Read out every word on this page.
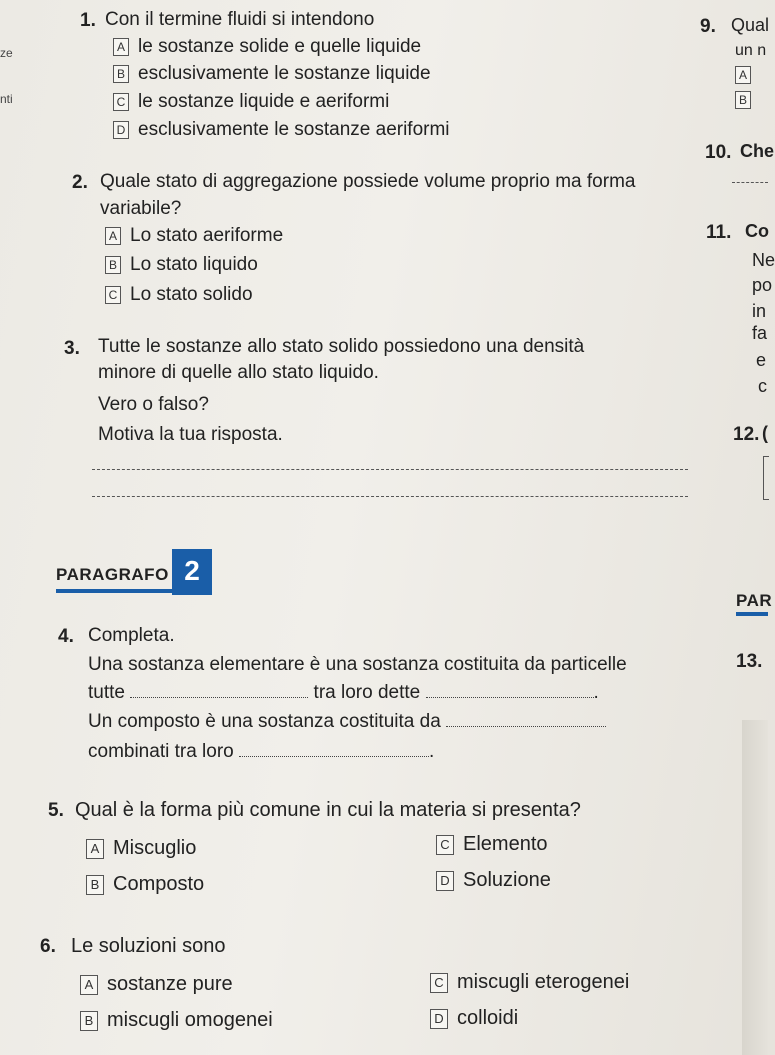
ze
nti
1. Con il termine fluidi si intendono
A le sostanze solide e quelle liquide
B esclusivamente le sostanze liquide
C le sostanze liquide e aeriformi
D esclusivamente le sostanze aeriformi
2. Quale stato di aggregazione possiede volume proprio ma forma
variabile?
A Lo stato aeriforme
B Lo stato liquido
C Lo stato solido
3. Tutte le sostanze allo stato solido possiedono una densità
minore di quelle allo stato liquido.
Vero o falso?
Motiva la tua risposta.
PARAGRAFO 2
4. Completa.
Una sostanza elementare è una sostanza costituita da particelle
tutte	tra loro dette	.
Un composto è una sostanza costituita da
combinati tra loro	.
5. Qual è la forma più comune in cui la materia si presenta?
A Miscuglio
B Composto
C Elemento
D Soluzione
6. Le soluzioni sono
A sostanze pure
B miscugli omogenei
C miscugli eterogenei
D colloidi
9. Qual
un n
A
B
10. Che
11. Co
Ne
po
in
fa
e
c
12. (
PAR
13.
